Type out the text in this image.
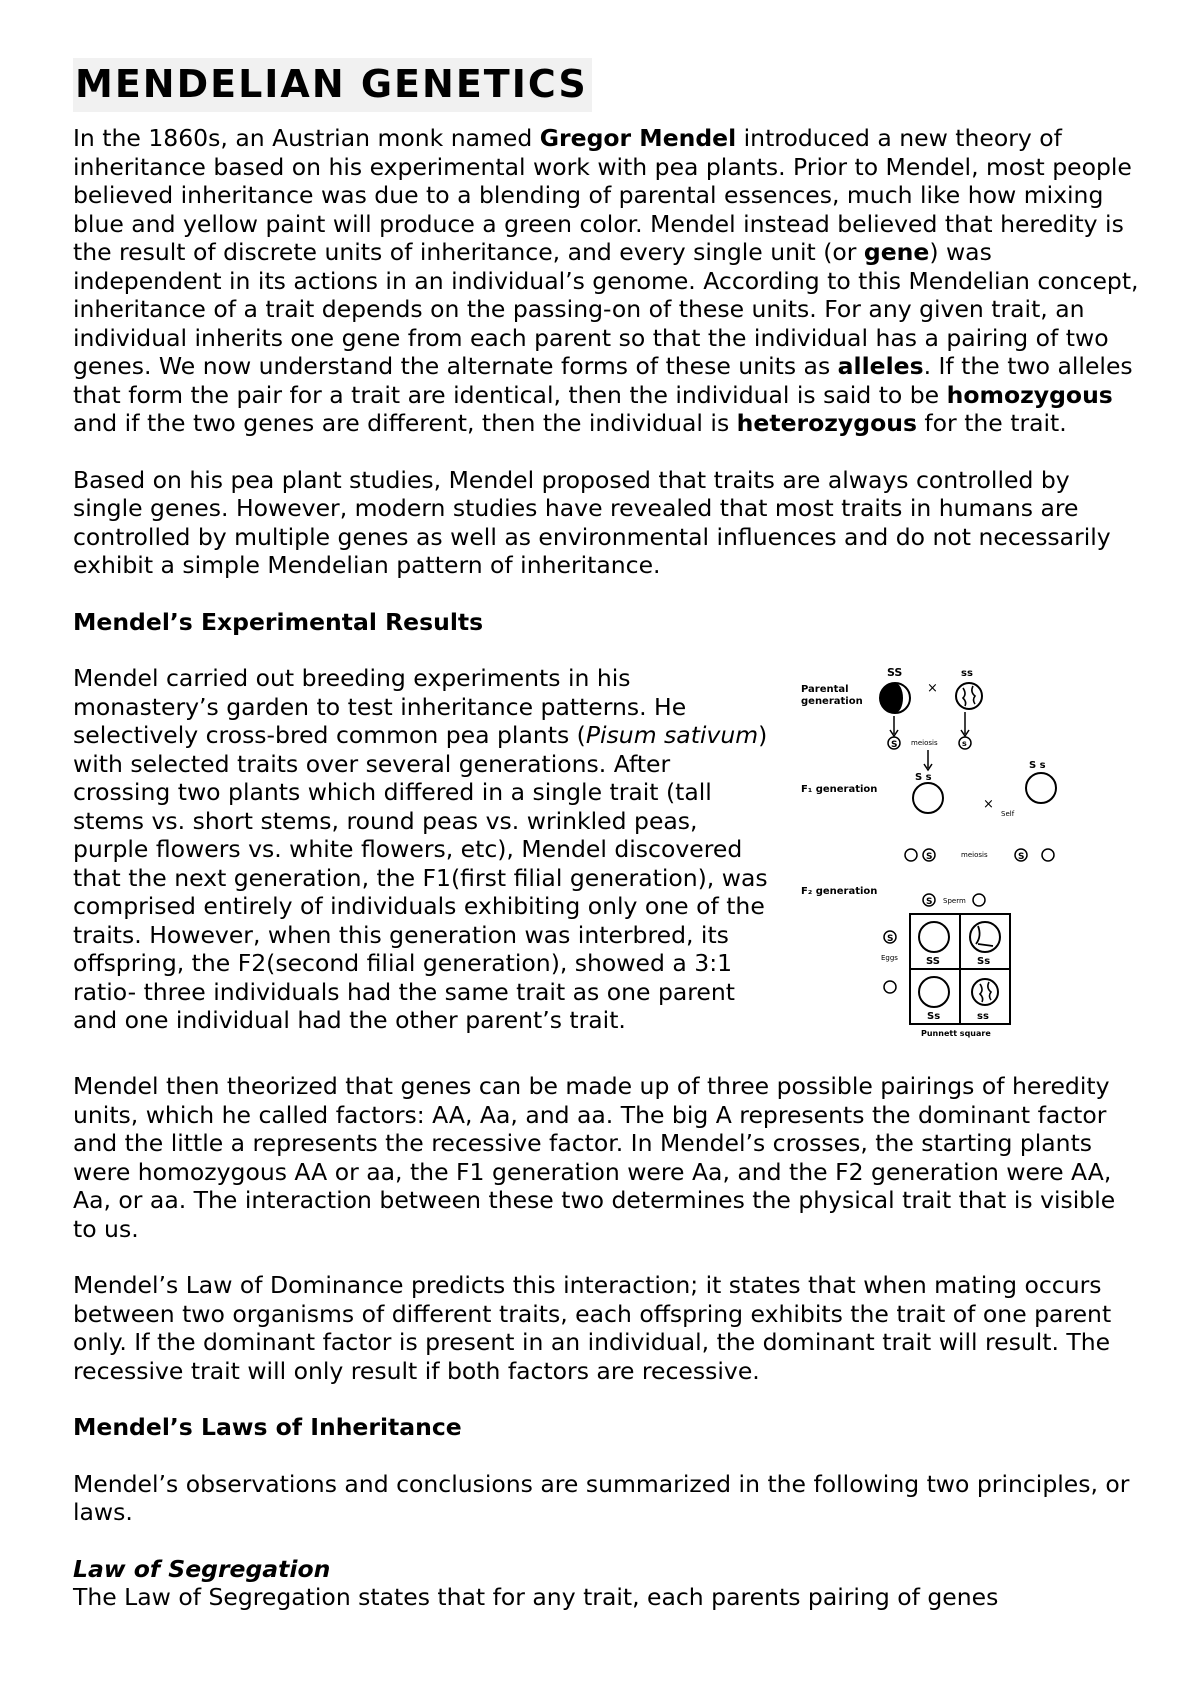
MENDELIAN GENETICS

In the 1860s, an Austrian monk named Gregor Mendel introduced a new theory of inheritance based on his experimental work with pea plants. Prior to Mendel, most people believed inheritance was due to a blending of parental essences, much like how mixing blue and yellow paint will produce a green color. Mendel instead believed that heredity is the result of discrete units of inheritance, and every single unit (or gene) was independent in its actions in an individual’s genome. According to this Mendelian concept, inheritance of a trait depends on the passing-on of these units. For any given trait, an individual inherits one gene from each parent so that the individual has a pairing of two genes. We now understand the alternate forms of these units as alleles. If the two alleles that form the pair for a trait are identical, then the individual is said to be homozygous and if the two genes are different, then the individual is heterozygous for the trait.

Based on his pea plant studies, Mendel proposed that traits are always controlled by single genes. However, modern studies have revealed that most traits in humans are controlled by multiple genes as well as environmental influences and do not necessarily exhibit a simple Mendelian pattern of inheritance.

Mendel’s Experimental Results

Mendel carried out breeding experiments in his monastery’s garden to test inheritance patterns. He selectively cross-bred common pea plants (Pisum sativum) with selected traits over several generations. After crossing two plants which differed in a single trait (tall stems vs. short stems, round peas vs. wrinkled peas, purple flowers vs. white flowers, etc), Mendel discovered that the next generation, the F1(first filial generation), was comprised entirely of individuals exhibiting only one of the traits. However, when this generation was interbred, its offspring, the F2(second filial generation), showed a 3:1 ratio- three individuals had the same trait as one parent and one individual had the other parent’s trait.

Parental
generation
SS	ss
×
S	s
meiosis
F₁ generation
S s
×
Self
S s
S	meiosis	S
F₂ generation
S Sperm
S
Eggs	SS	Ss
Ss	ss
Punnett square

Mendel then theorized that genes can be made up of three possible pairings of heredity units, which he called factors: AA, Aa, and aa. The big A represents the dominant factor and the little a represents the recessive factor. In Mendel’s crosses, the starting plants were homozygous AA or aa, the F1 generation were Aa, and the F2 generation were AA, Aa, or aa. The interaction between these two determines the physical trait that is visible to us.

Mendel’s Law of Dominance predicts this interaction; it states that when mating occurs between two organisms of different traits, each offspring exhibits the trait of one parent only. If the dominant factor is present in an individual, the dominant trait will result. The recessive trait will only result if both factors are recessive.

Mendel’s Laws of Inheritance

Mendel’s observations and conclusions are summarized in the following two principles, or laws.

Law of Segregation

The Law of Segregation states that for any trait, each parents pairing of genes
